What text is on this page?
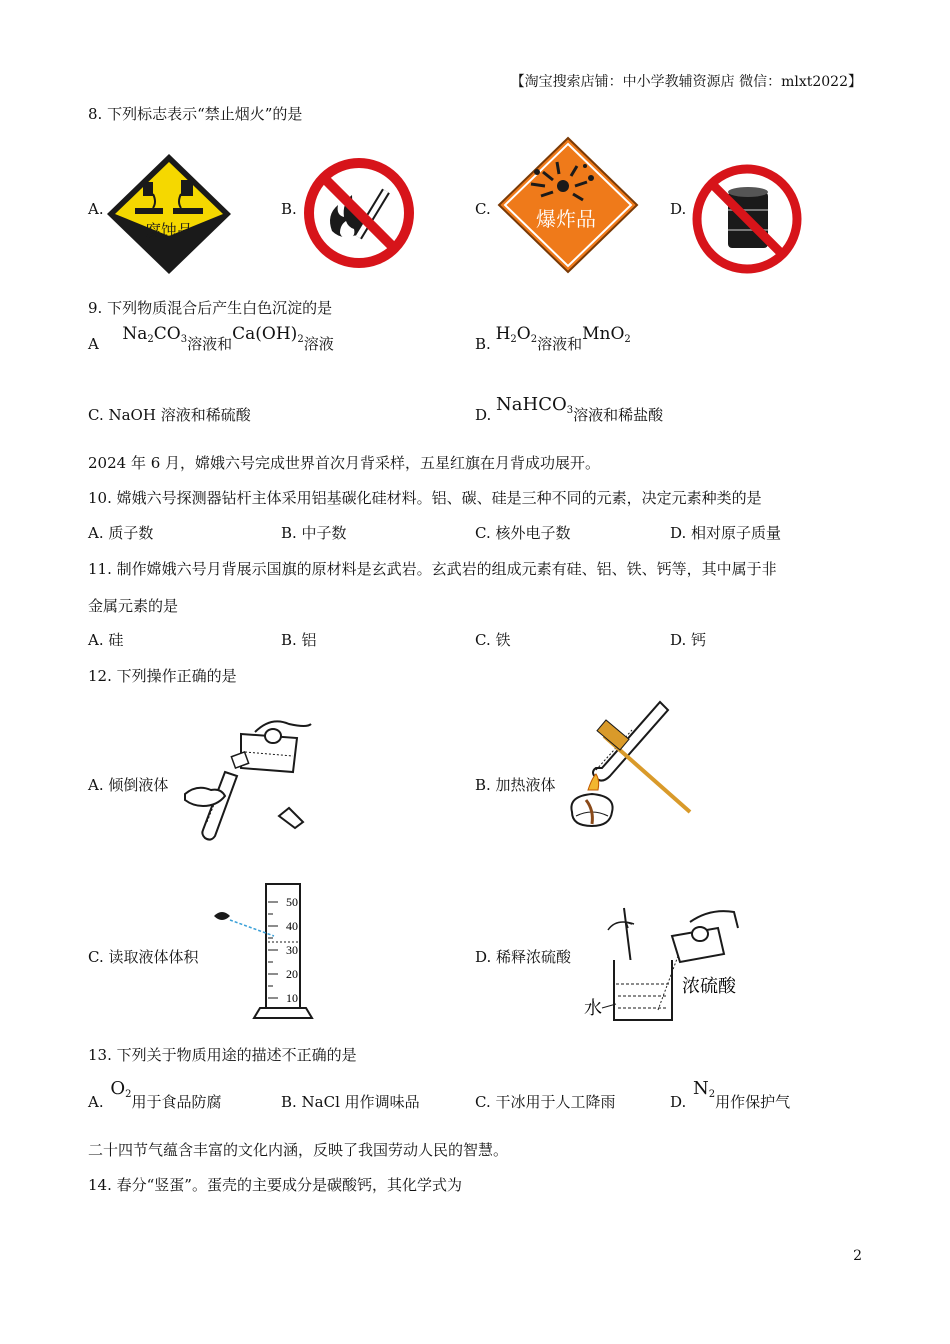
【淘宝搜索店铺：中小学教辅资源店 微信：mlxt2022】
8. 下列标志表示“禁止烟火”的是
A.
腐蚀品
B.	C. 爆炸品	D.
9. 下列物质混合后产生白色沉淀的是
A $Na_2CO_3$溶液和$Ca(OH)_2$溶液	B. $H_2O_2$溶液和MnO$_2$
C. NaOH 溶液和稀硫酸	D. NaHCO$_3$溶液和稀盐酸
2024 年 6 月，嫦娥六号完成世界首次月背采样，五星红旗在月背成功展开。
10. 嫦娥六号探测器钻杆主体采用铝基碳化硅材料。铝、碳、硅是三种不同的元素，决定元素种类的是
A. 质子数	B. 中子数	C. 核外电子数	D. 相对原子质量
11. 制作嫦娥六号月背展示国旗的原材料是玄武岩。玄武岩的组成元素有硅、铝、铁、钙等，其中属于非
金属元素的是
A. 硅	B. 铝	C. 铁	D. 钙
12. 下列操作正确的是
A. 倾倒液体	B. 加热液体
C. 读取液体体积
50
40
30
20
10
D. 稀释浓硫酸
浓硫酸
水
13. 下列关于物质用途的描述不正确的是
A. $O_2$用于食品防腐	B. NaCl 用作调味品	C. 干冰用于人工降雨	D. $N_2$用作保护气
二十四节气蕴含丰富的文化内涵，反映了我国劳动人民的智慧。
14. 春分“竖蛋”。蛋壳的主要成分是碳酸钙，其化学式为
2
